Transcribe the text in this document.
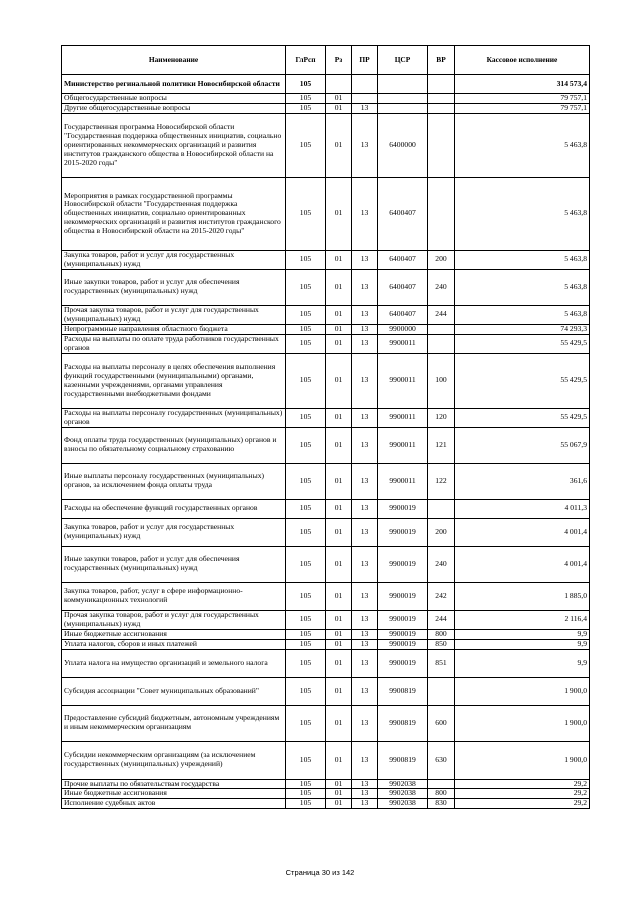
Наименование	ГлРсп	Рз	ПР	ЦСР	ВР	Кассовое исполнение
Министерство регинальной политики Новосибирской области	105					314 573,4
Общегосударственные вопросы	105	01				79 757,1
Другие общегосударственные вопросы	105	01	13			79 757,1
Государственная программа Новосибирской области "Государственная поддержка общественных инициатив, социально ориентированных некоммерческих организаций и развития институтов гражданского общества в Новосибирской области на 2015-2020 годы"	105	01	13	6400000		5 463,8
Мероприятия в рамках государственной программы Новосибирской области "Государственная поддержка общественных инициатив, социально ориентированных некоммерческих организаций и развития институтов гражданского общества в Новосибирской области на 2015-2020 годы"	105	01	13	6400407		5 463,8
Закупка товаров, работ и услуг для государственных (муниципальных) нужд	105	01	13	6400407	200	5 463,8
Иные закупки товаров, работ и услуг для обеспечения государственных (муниципальных) нужд	105	01	13	6400407	240	5 463,8
Прочая закупка товаров, работ и услуг для государственных (муниципальных) нужд	105	01	13	6400407	244	5 463,8
Непрограммные направления областного бюджета	105	01	13	9900000		74 293,3
Расходы на выплаты по оплате труда работников государственных органов	105	01	13	9900011		55 429,5
Расходы на выплаты персоналу в целях обеспечения выполнения функций государственными (муниципальными) органами, казенными учреждениями, органами управления государственными внебюджетными фондами	105	01	13	9900011	100	55 429,5
Расходы на выплаты персоналу государственных (муниципальных) органов	105	01	13	9900011	120	55 429,5
Фонд оплаты труда государственных (муниципальных) органов и взносы по обязательному социальному страхованию	105	01	13	9900011	121	55 067,9
Иные выплаты персоналу государственных (муниципальных) органов, за исключением фонда оплаты труда	105	01	13	9900011	122	361,6
Расходы на обеспечение функций государственных органов	105	01	13	9900019		4 011,3
Закупка товаров, работ и услуг для государственных (муниципальных) нужд	105	01	13	9900019	200	4 001,4
Иные закупки товаров, работ и услуг для обеспечения государственных (муниципальных) нужд	105	01	13	9900019	240	4 001,4
Закупка товаров, работ, услуг в сфере информационно-коммуникационных технологий	105	01	13	9900019	242	1 885,0
Прочая закупка товаров, работ и услуг для государственных (муниципальных) нужд	105	01	13	9900019	244	2 116,4
Иные бюджетные ассигнования	105	01	13	9900019	800	9,9
Уплата налогов, сборов и иных платежей	105	01	13	9900019	850	9,9
Уплата налога на имущество организаций и земельного налога	105	01	13	9900019	851	9,9
Субсидия ассоциации "Совет муниципальных образований"	105	01	13	9900819		1 900,0
Предоставление субсидий бюджетным, автономным учреждениям и иным некоммерческим организациям	105	01	13	9900819	600	1 900,0
Субсидии некоммерческим организациям (за исключением государственных (муниципальных) учреждений)	105	01	13	9900819	630	1 900,0
Прочие выплаты по обязательствам государства	105	01	13	9902038		29,2
Иные бюджетные ассигнования	105	01	13	9902038	800	29,2
Исполнение судебных актов	105	01	13	9902038	830	29,2
Страница 30 из 142
